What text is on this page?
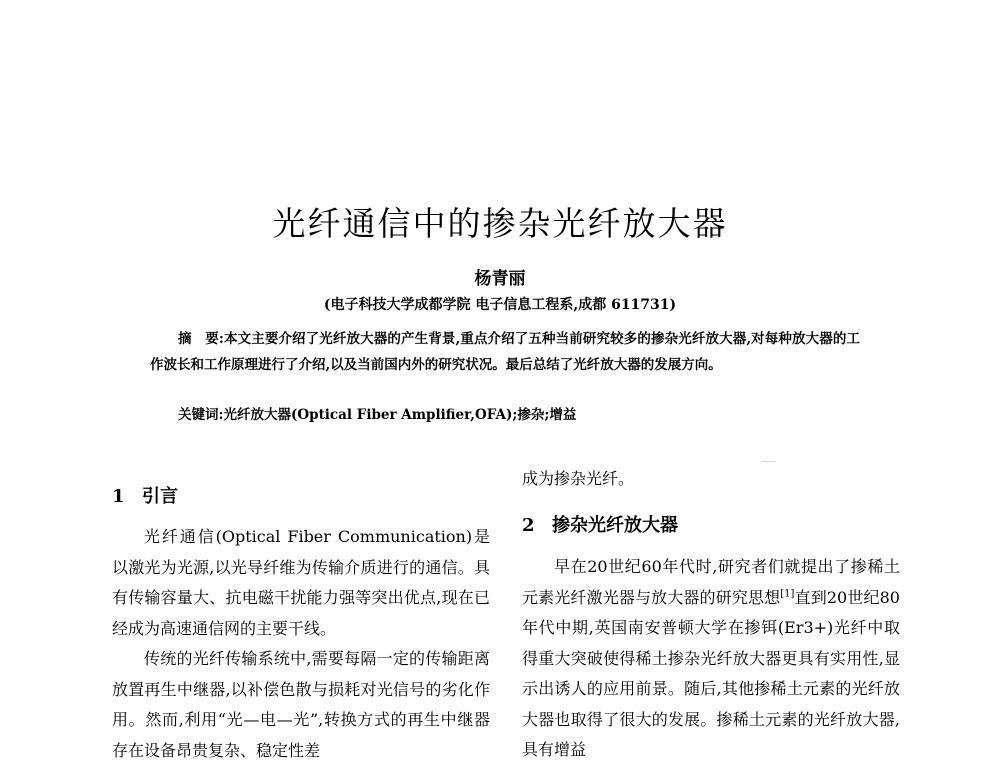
光纤通信中的掺杂光纤放大器

杨青丽

(电子科技大学成都学院 电子信息工程系,成都 611731)

摘　要:本文主要介绍了光纤放大器的产生背景,重点介绍了五种当前研究较多的掺杂光纤放大器,对每种放大器的工作波长和工作原理进行了介绍,以及当前国内外的研究状况。最后总结了光纤放大器的发展方向。

关键词:光纤放大器(Optical Fiber Amplifier,OFA);掺杂;增益

1 引言

光纤通信(Optical Fiber Communication)是以激光为光源,以光导纤维为传输介质进行的通信。具有传输容量大、抗电磁干扰能力强等突出优点,现在已经成为高速通信网的主要干线。

传统的光纤传输系统中,需要每隔一定的传输距离放置再生中继器,以补偿色散与损耗对光信号的劣化作用。然而,利用“光—电—光”,转换方式的再生中继器存在设备昂贵复杂、稳定性差

成为掺杂光纤。

2 掺杂光纤放大器

早在20世纪60年代时,研究者们就提出了掺稀土元素光纤激光器与放大器的研究思想[1]直到20世纪80年代中期,英国南安普顿大学在掺铒(Er3+)光纤中取得重大突破使得稀土掺杂光纤放大器更具有实用性,显示出诱人的应用前景。随后,其他掺稀土元素的光纤放大器也取得了很大的发展。掺稀土元素的光纤放大器,具有增益
